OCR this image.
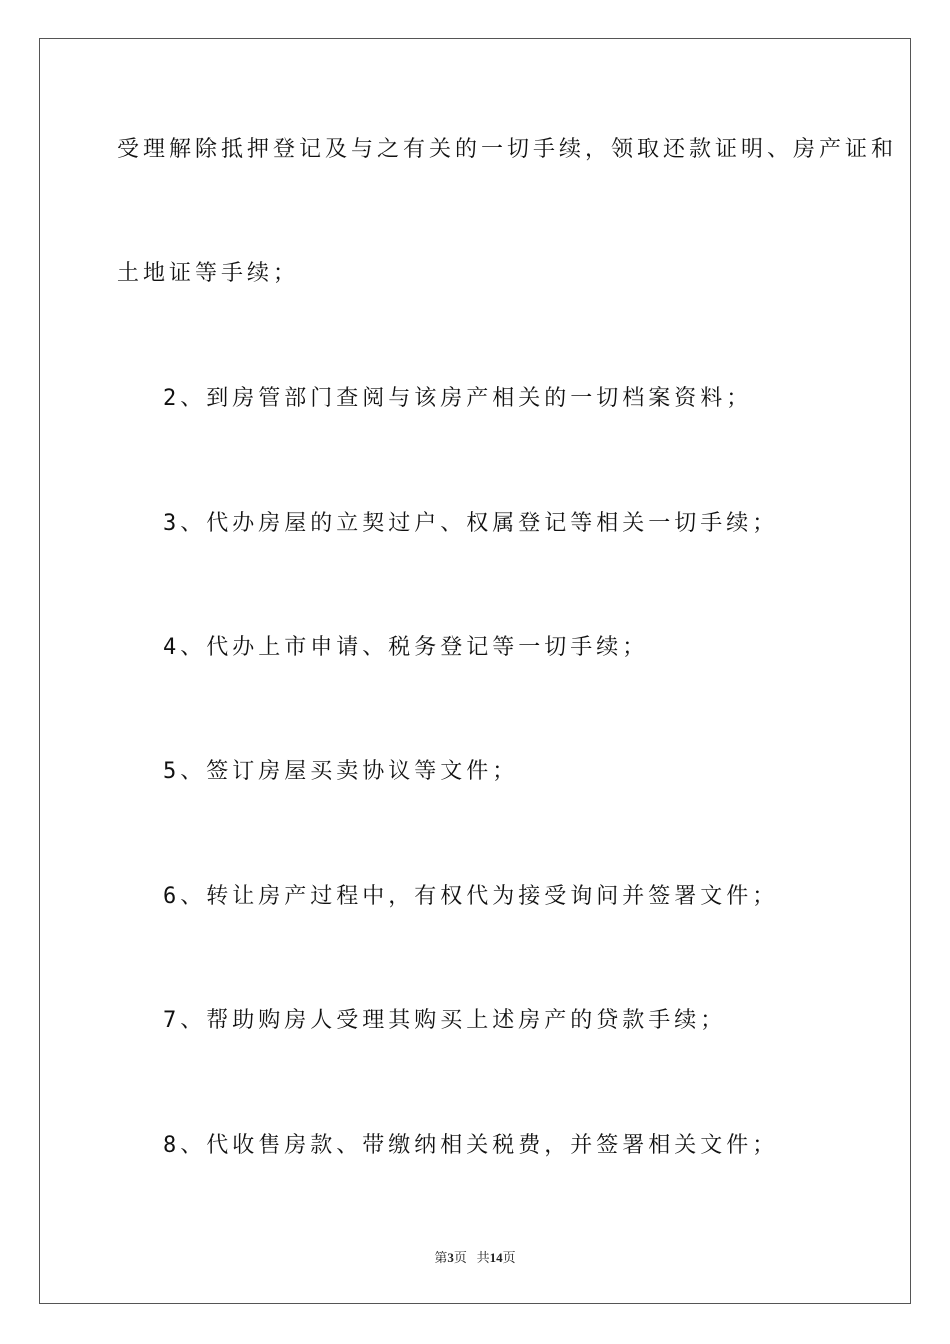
受理解除抵押登记及与之有关的一切手续，领取还款证明、房产证和
土地证等手续；
2、到房管部门查阅与该房产相关的一切档案资料；
3、代办房屋的立契过户、权属登记等相关一切手续；
4、代办上市申请、税务登记等一切手续；
5、签订房屋买卖协议等文件；
6、转让房产过程中，有权代为接受询问并签署文件；
7、帮助购房人受理其购买上述房产的贷款手续；
8、代收售房款、带缴纳相关税费，并签署相关文件；
第3页 共14页
